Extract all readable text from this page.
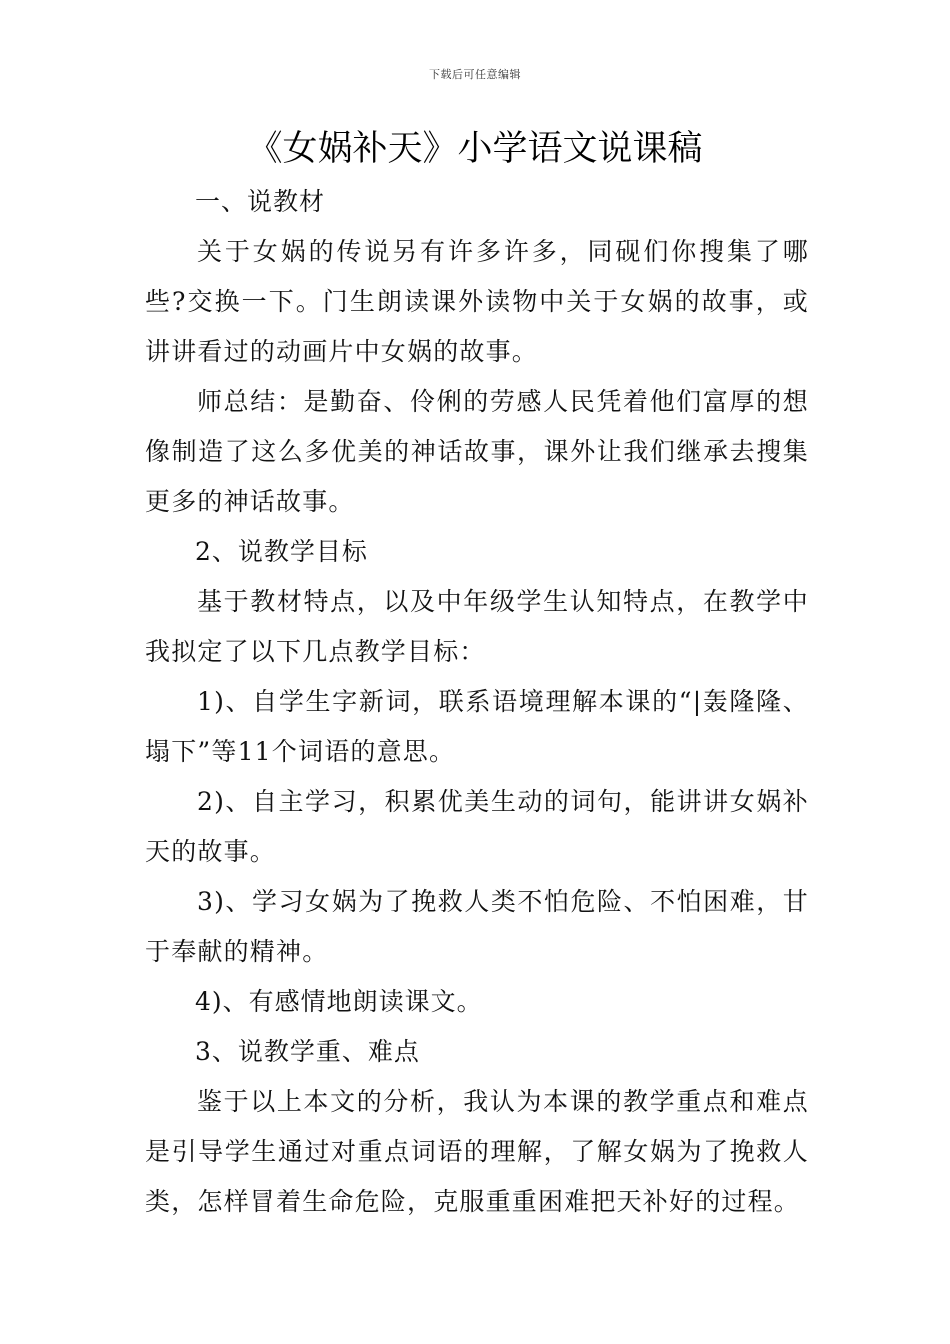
下载后可任意编辑
《女娲补天》小学语文说课稿

一、说教材

关于女娲的传说另有许多许多，同砚们你搜集了哪些?交换一下。门生朗读课外读物中关于女娲的故事，或讲讲看过的动画片中女娲的故事。

师总结：是勤奋、伶俐的劳感人民凭着他们富厚的想像制造了这么多优美的神话故事，课外让我们继承去搜集更多的神话故事。

2、说教学目标

基于教材特点，以及中年级学生认知特点，在教学中我拟定了以下几点教学目标：

1)、自学生字新词，联系语境理解本课的“|轰隆隆、塌下”等11个词语的意思。

2)、自主学习，积累优美生动的词句，能讲讲女娲补天的故事。

3)、学习女娲为了挽救人类不怕危险、不怕困难，甘于奉献的精神。

4)、有感情地朗读课文。

3、说教学重、难点

鉴于以上本文的分析，我认为本课的教学重点和难点是引导学生通过对重点词语的理解，了解女娲为了挽救人类，怎样冒着生命危险，克服重重困难把天补好的过程。
